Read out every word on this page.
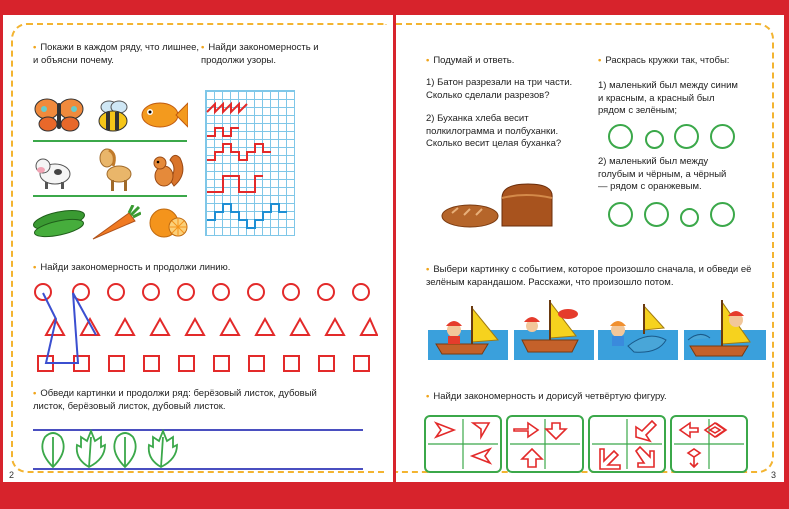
• Покажи в каждом ряду, что лишнее, и объясни почему.
• Найди закономерность и продолжи узоры.
• Найди закономерность и продолжи линию.
• Обведи картинки и продолжи ряд: берёзовый листок, дубовый листок, берёзовый листок, дубовый листок.
2
• Подумай и ответь.
1) Батон разрезали на три части. Сколько сделали разрезов?
2) Буханка хлеба весит полкилограмма и полбуханки. Сколько весит целая буханка?
• Раскрась кружки так, чтобы:
1) маленький был между синим и красным, а красный был рядом с зелёным;
2) маленький был между голубым и чёрным, а чёрный — рядом с оранжевым.
• Выбери картинку с событием, которое произошло сначала, и обведи её зелёным карандашом. Расскажи, что произошло потом.
• Найди закономерность и дорисуй четвёртую фигуру.
3
